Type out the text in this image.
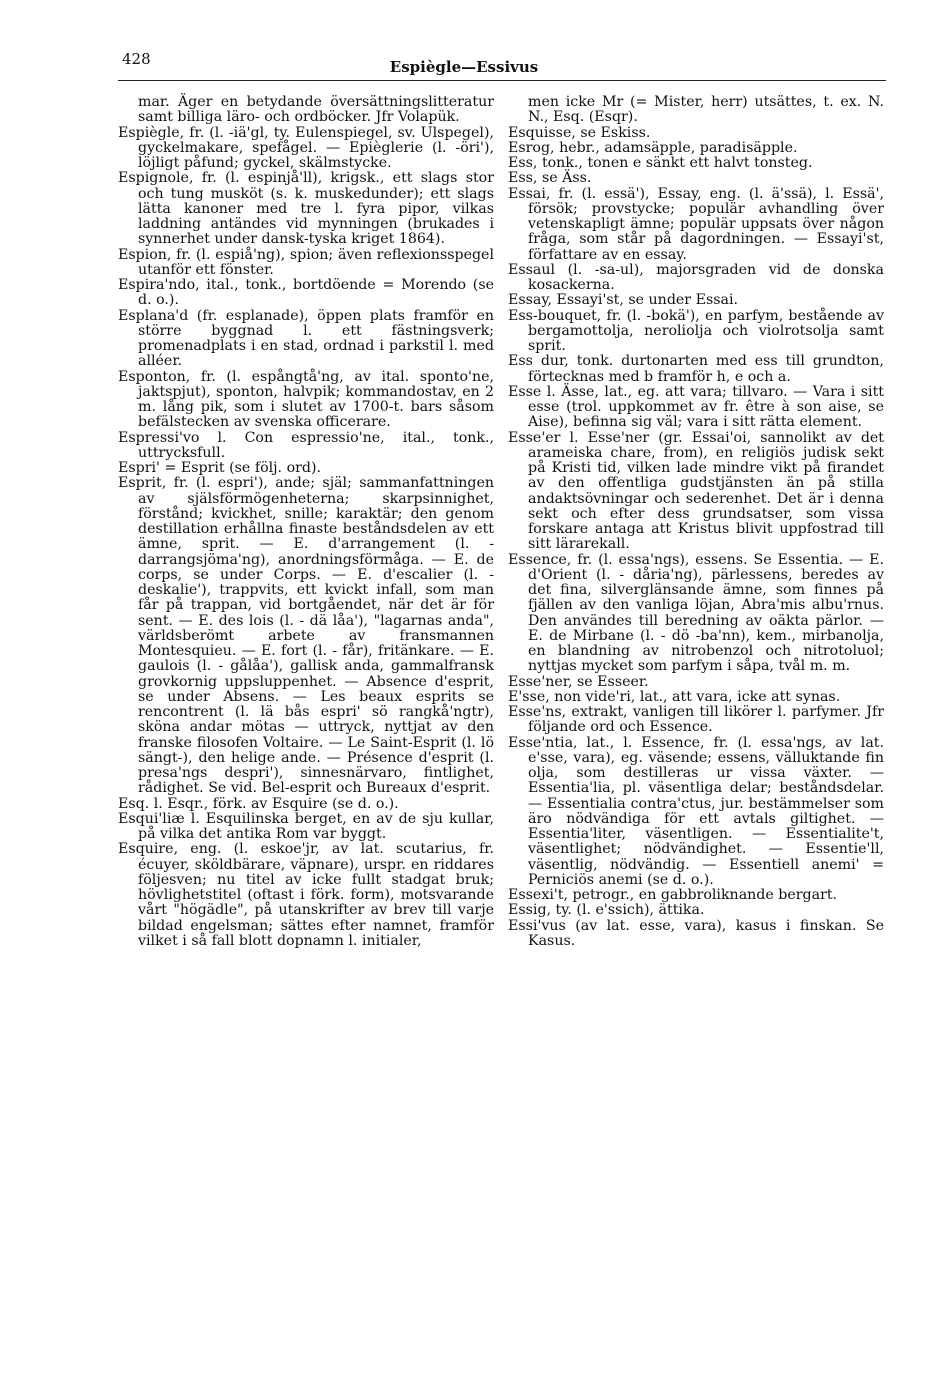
428	Espiègle—Essivus

mar. Äger en betydande översättningslitteratur samt billiga läro- och ordböcker. Jfr Volapük.

Espiègle, fr. (l. -iä'gl, ty. Eulenspiegel, sv. Ulspegel), gyckelmakare, spefågel. — Epièglerie (l. -öri'), löjligt påfund; gyckel, skälmstycke.

Espignole, fr. (l. espinjå'll), krigsk., ett slags stor och tung musköt (s. k. muskedunder); ett slags lätta kanoner med tre l. fyra pipor, vilkas laddning antändes vid mynningen (brukades i synnerhet under dansk-tyska kriget 1864).

Espion, fr. (l. espiå'ng), spion; även reflexionsspegel utanför ett fönster.

Espira'ndo, ital., tonk., bortdöende = Morendo (se d. o.).

Esplana'd (fr. esplanade), öppen plats framför en större byggnad l. ett fästningsverk; promenadplats i en stad, ordnad i parkstil l. med alléer.

Esponton, fr. (l. espångtå'ng, av ital. sponto'ne, jaktspjut), sponton, halvpik; kommandostav, en 2 m. lång pik, som i slutet av 1700-t. bars såsom befälstecken av svenska officerare.

Espressi'vo l. Con espressio'ne, ital., tonk., uttrycksfull.

Espri' = Esprit (se följ. ord).

Esprit, fr. (l. espri'), ande; själ; sammanfattningen av själsförmögenheterna; skarpsinnighet, förstånd; kvickhet, snille; karaktär; den genom destillation erhållna finaste beståndsdelen av ett ämne, sprit. — E. d'arrangement (l. - darrangsjöma'ng), anordningsförmåga. — E. de corps, se under Corps. — E. d'escalier (l. - deskalie'), trappvits, ett kvickt infall, som man får på trappan, vid bortgåendet, när det är för sent. — E. des lois (l. - dä låa'), "lagarnas anda", världsberömt arbete av fransmannen Montesquieu. — E. fort (l. - får), fritänkare. — E. gaulois (l. - gålåa'), gallisk anda, gammalfransk grovkornig uppsluppenhet. — Absence d'esprit, se under Absens. — Les beaux esprits se rencontrent (l. lä bås espri' sö rangkå'ngtr), sköna andar mötas — uttryck, nyttjat av den franske filosofen Voltaire. — Le Saint-Esprit (l. lö sängt-), den helige ande. — Présence d'esprit (l. presa'ngs despri'), sinnesnärvaro, fintlighet, rådighet. Se vid. Bel-esprit och Bureaux d'esprit.

Esq. l. Esqr., förk. av Esquire (se d. o.).

Esqui'liæ l. Esquilinska berget, en av de sju kullar, på vilka det antika Rom var byggt.

Esquire, eng. (l. eskoe'jr, av lat. scutarius, fr. écuyer, sköldbärare, väpnare), urspr. en riddares följesven; nu titel av icke fullt stadgat bruk; hövlighetstitel (oftast i förk. form), motsvarande vårt "högädle", på utanskrifter av brev till varje bildad engelsman; sättes efter namnet, framför vilket i så fall blott dopnamn l. initialer,

men icke Mr (= Mister, herr) utsättes, t. ex. N. N., Esq. (Esqr).

Esquisse, se Eskiss.

Esrog, hebr., adamsäpple, paradisäpple.

Ess, tonk., tonen e sänkt ett halvt tonsteg.

Ess, se Äss.

Essai, fr. (l. essä'), Essay, eng. (l. ä'ssä), l. Essä', försök; provstycke; populär avhandling över vetenskapligt ämne; populär uppsats över någon fråga, som står på dagordningen. — Essayi'st, författare av en essay.

Essaul (l. -sa-ul), majorsgraden vid de donska kosackerna.

Essay, Essayi'st, se under Essai.

Ess-bouquet, fr. (l. -bokä'), en parfym, bestående av bergamottolja, neroliolja och violrotsolja samt sprit.

Ess dur, tonk. durtonarten med ess till grundton, förtecknas med b framför h, e och a.

Esse l. Ässe, lat., eg. att vara; tillvaro. — Vara i sitt esse (trol. uppkommet av fr. être à son aise, se Aise), befinna sig väl; vara i sitt rätta element.

Esse'er l. Esse'ner (gr. Essai'oi, sannolikt av det arameiska chare, from), en religiös judisk sekt på Kristi tid, vilken lade mindre vikt på firandet av den offentliga gudstjänsten än på stilla andaktsövningar och sederenhet. Det är i denna sekt och efter dess grundsatser, som vissa forskare antaga att Kristus blivit uppfostrad till sitt lärarekall.

Essence, fr. (l. essa'ngs), essens. Se Essentia. — E. d'Orient (l. - dåria'ng), pärlessens, beredes av det fina, silverglänsande ämne, som finnes på fjällen av den vanliga löjan, Abra'mis albu'rnus. Den användes till beredning av oäkta pärlor. — E. de Mirbane (l. - dö -ba'nn), kem., mirbanolja, en blandning av nitrobenzol och nitrotoluol; nyttjas mycket som parfym i såpa, tvål m. m.

Esse'ner, se Esseer.

E'sse, non vide'ri, lat., att vara, icke att synas.

Esse'ns, extrakt, vanligen till likörer l. parfymer. Jfr följande ord och Essence.

Esse'ntia, lat., l. Essence, fr. (l. essa'ngs, av lat. e'sse, vara), eg. väsende; essens, välluktande fin olja, som destilleras ur vissa växter. — Essentia'lia, pl. väsentliga delar; beståndsdelar. — Essentialia contra'ctus, jur. bestämmelser som äro nödvändiga för ett avtals giltighet. — Essentia'liter, väsentligen. — Essentialite't, väsentlighet; nödvändighet. — Essentie'll, väsentlig, nödvändig. — Essentiell anemi' = Perniciös anemi (se d. o.).

Essexi't, petrogr., en gabbroliknande bergart.

Essig, ty. (l. e'ssich), ättika.

Essi'vus (av lat. esse, vara), kasus i finskan. Se Kasus.
